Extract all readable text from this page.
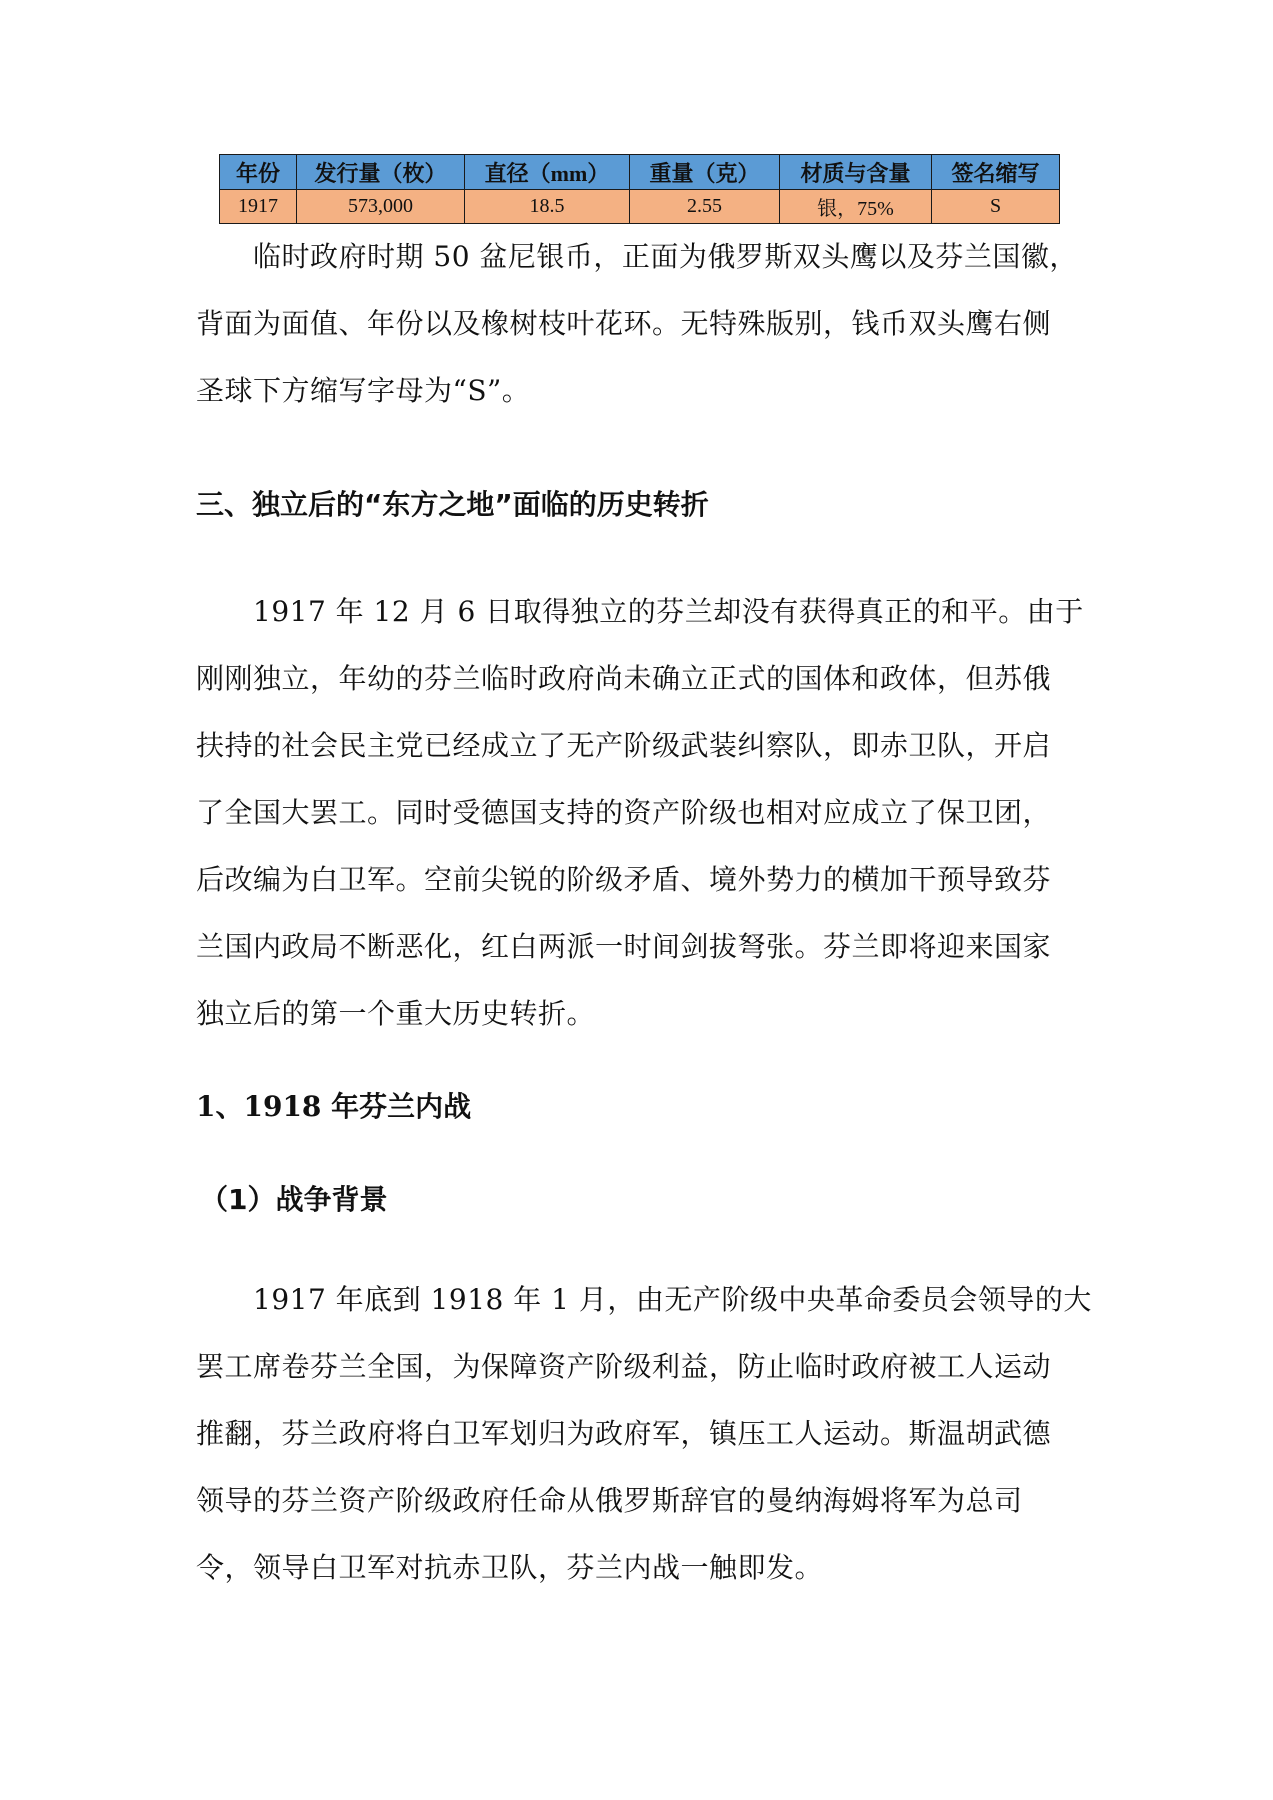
年份	发行量（枚）	直径（mm）	重量（克）	材质与含量	签名缩写
1917	573,000	18.5	2.55	银，75%	S

　　临时政府时期 50 盆尼银币，正面为俄罗斯双头鹰以及芬兰国徽，
背面为面值、年份以及橡树枝叶花环。无特殊版别，钱币双头鹰右侧
圣球下方缩写字母为“S”。

三、独立后的“东方之地”面临的历史转折

　　1917 年 12 月 6 日取得独立的芬兰却没有获得真正的和平。由于
刚刚独立，年幼的芬兰临时政府尚未确立正式的国体和政体，但苏俄
扶持的社会民主党已经成立了无产阶级武装纠察队，即赤卫队，开启
了全国大罢工。同时受德国支持的资产阶级也相对应成立了保卫团，
后改编为白卫军。空前尖锐的阶级矛盾、境外势力的横加干预导致芬
兰国内政局不断恶化，红白两派一时间剑拔弩张。芬兰即将迎来国家
独立后的第一个重大历史转折。

1、1918 年芬兰内战
（1）战争背景

　　1917 年底到 1918 年 1 月，由无产阶级中央革命委员会领导的大
罢工席卷芬兰全国，为保障资产阶级利益，防止临时政府被工人运动
推翻，芬兰政府将白卫军划归为政府军，镇压工人运动。斯温胡武德
领导的芬兰资产阶级政府任命从俄罗斯辞官的曼纳海姆将军为总司
令，领导白卫军对抗赤卫队，芬兰内战一触即发。
